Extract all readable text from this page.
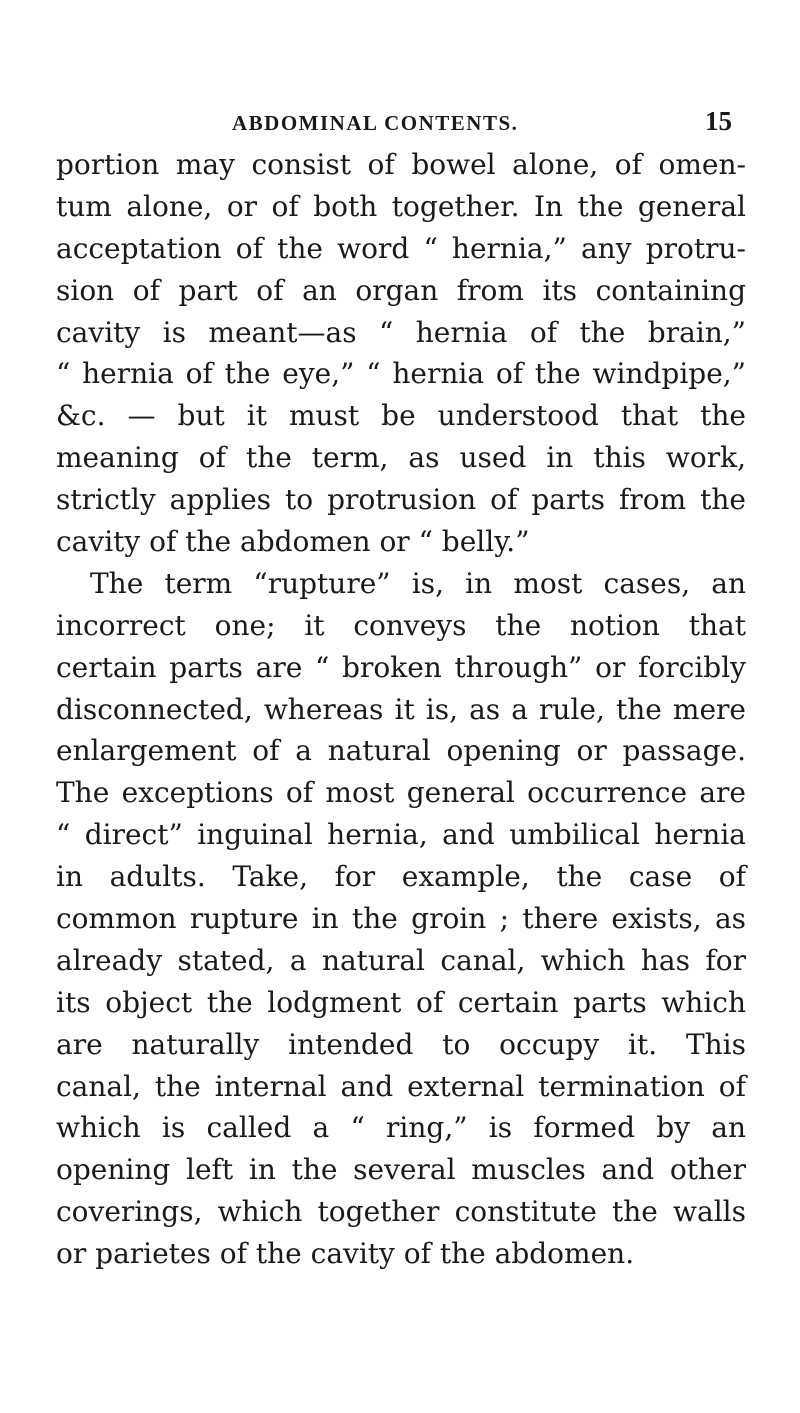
ABDOMINAL CONTENTS.	15
portion may consist of bowel alone, of omen-
tum alone, or of both together. In the general
acceptation of the word “ hernia,” any protru-
sion of part of an organ from its containing
cavity is meant—as “ hernia of the brain,”
“ hernia of the eye,” “ hernia of the windpipe,”
&c. — but it must be understood that the
meaning of the term, as used in this work,
strictly applies to protrusion of parts from the
cavity of the abdomen or “ belly.”
The term “rupture” is, in most cases, an
incorrect one; it conveys the notion that
certain parts are “ broken through” or forcibly
disconnected, whereas it is, as a rule, the mere
enlargement of a natural opening or passage.
The exceptions of most general occurrence are
“ direct” inguinal hernia, and umbilical hernia
in adults. Take, for example, the case of
common rupture in the groin ; there exists, as
already stated, a natural canal, which has for
its object the lodgment of certain parts which
are naturally intended to occupy it. This
canal, the internal and external termination of
which is called a “ ring,” is formed by an
opening left in the several muscles and other
coverings, which together constitute the walls
or parietes of the cavity of the abdomen.
